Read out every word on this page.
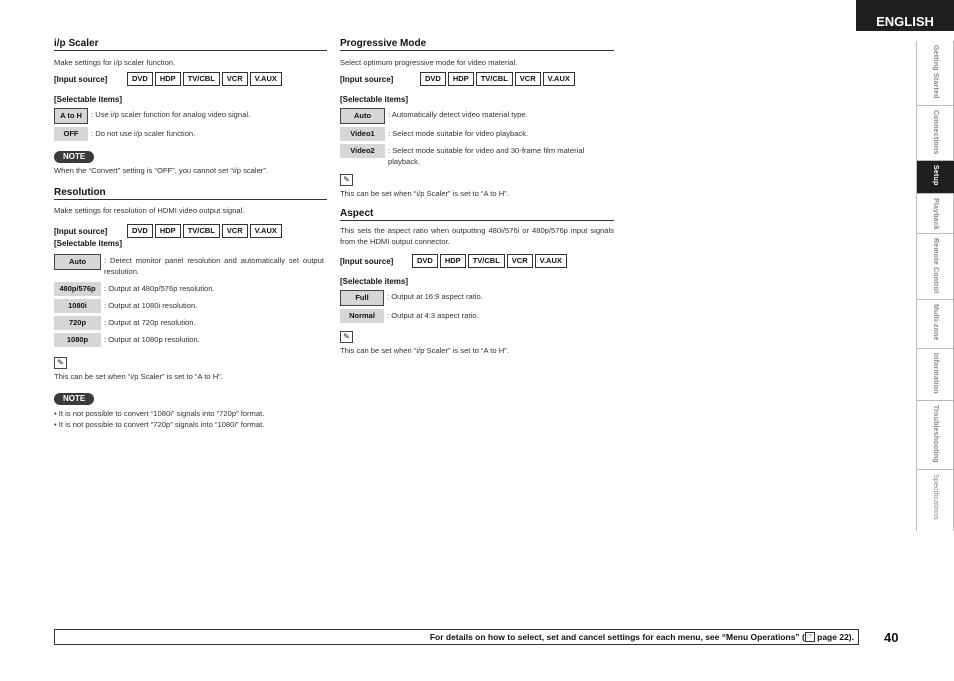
ENGLISH
Getting Started
Connections
Setup
Playback
Remote Control
Multi-zone
Information
Troubleshooting
Specifications
i/p Scaler
Make settings for i/p scaler function.
[Input source]	DVD	HDP	TV/CBL	VCR	V.AUX
[Selectable items]
A to H	: Use i/p scaler function for analog video signal.
OFF	: Do not use i/p scaler function.
NOTE
When the “Convert” setting is “OFF”, you cannot set “i/p scaler”.
Resolution
Make settings for resolution of HDMI video output signal.
[Input source]	DVD	HDP	TV/CBL	VCR	V.AUX
[Selectable items]
Auto	: Detect monitor panel resolution and automatically set output resolution.
480p/576p	: Output at 480p/576p resolution.
1080i	: Output at 1080i resolution.
720p	: Output at 720p resolution.
1080p	: Output at 1080p resolution.
✎
This can be set when “i/p Scaler” is set to “A to H”.
NOTE
• It is not possible to convert “1080i” signals into “720p” format.
• It is not possible to convert “720p” signals into “1080i” format.
Progressive Mode
Select optimum progressive mode for video material.
[Input source]	DVD	HDP	TV/CBL	VCR	V.AUX
[Selectable items]
Auto	: Automatically detect video material type.
Video1	: Select mode suitable for video playback.
Video2	: Select mode suitable for video and 30-frame film material playback.
✎
This can be set when “i/p Scaler” is set to “A to H”.
Aspect
This sets the aspect ratio when outputting 480i/576i or 480p/576p input signals from the HDMI output connector.
[Input source]	DVD	HDP	TV/CBL	VCR	V.AUX
[Selectable items]
Full	: Output at 16:9 aspect ratio.
Normal	: Output at 4:3 aspect ratio.
✎
This can be set when “i/p Scaler” is set to “A to H”.
For details on how to select, set and cancel settings for each menu, see “Menu Operations” ( ☞ page 22). 40
